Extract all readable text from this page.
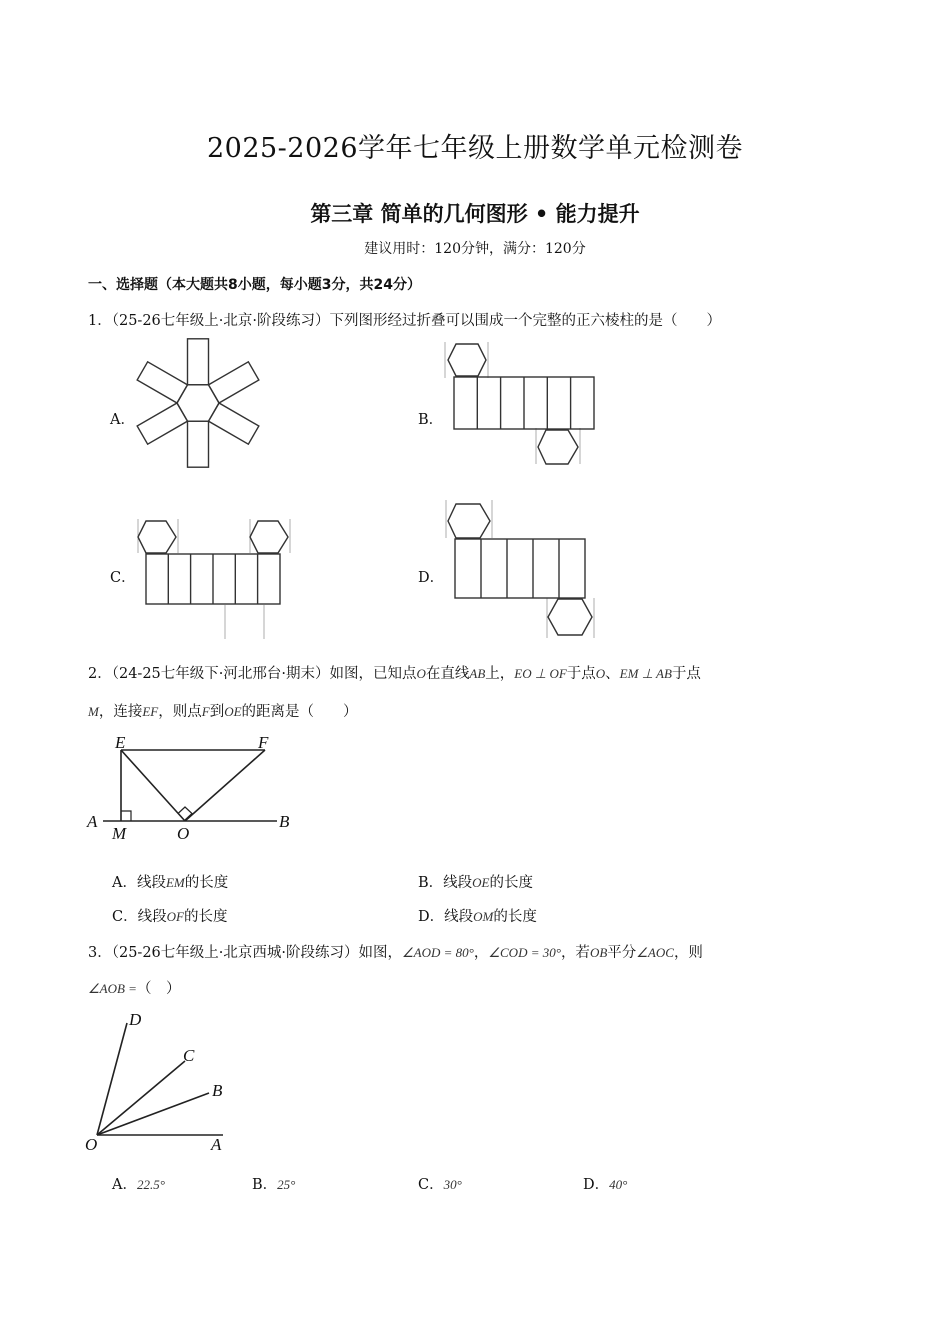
2025-2026学年七年级上册数学单元检测卷
第三章 简单的几何图形 • 能力提升
建议用时：120分钟，满分：120分
一、选择题（本大题共8小题，每小题3分，共24分）
1．（25-26七年级上·北京·阶段练习）下列图形经过折叠可以围成一个完整的正六棱柱的是（　　）
A．	B．
C．	D．
2．（24-25七年级下·河北邢台·期末）如图，已知点O在直线AB上，EO ⊥ OF于点O、EM ⊥ AB于点
M，连接EF，则点F到OE的距离是（　　）
E	F
A
M	O
B
A．线段EM的长度	B．线段OE的长度
C．线段OF的长度	D．线段OM的长度
3．（25-26七年级上·北京西城·阶段练习）如图，∠AOD = 80°，∠COD = 30°，若OB平分∠AOC，则
∠AOB =（　）
D
C
B
O	A
A．22.5°	B．25°	C．30°	D．40°
